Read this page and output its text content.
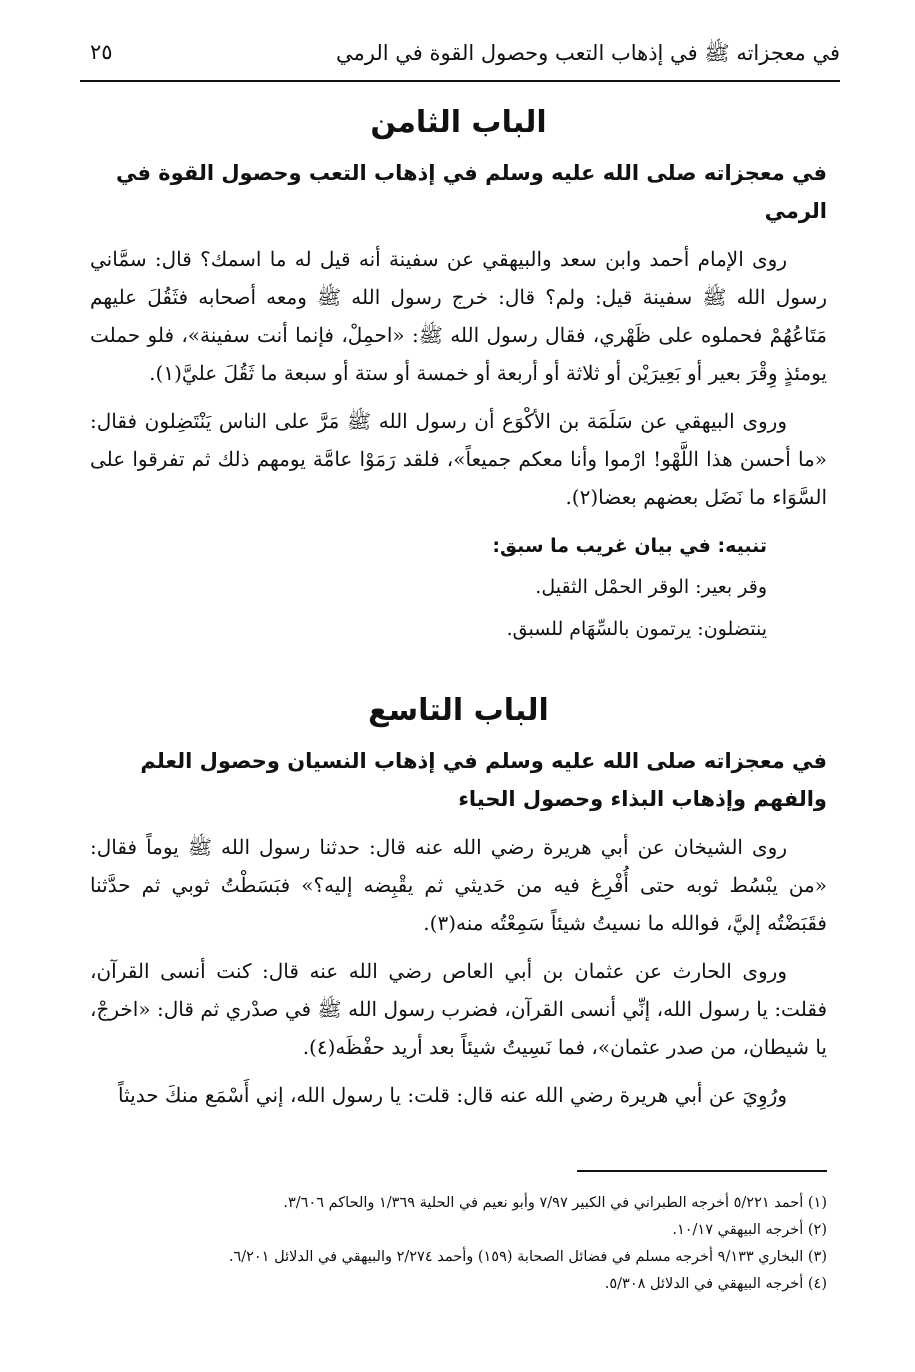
في معجزاته ﷺ في إذهاب التعب وحصول القوة في الرمي
٢٥
الباب الثامن
في معجزاته صلى الله عليه وسلم في إذهاب التعب وحصول القوة في الرمي

روى الإمام أحمد وابن سعد والبيهقي عن سفينة أنه قيل له ما اسمك؟ قال: سمَّاني رسول الله ﷺ سفينة قيل: ولم؟ قال: خرج رسول الله ﷺ ومعه أصحابه فثَقُلَ عليهم مَتَاعُهُمْ فحملوه على ظَهْري، فقال رسول الله ﷺ: «احمِلْ، فإنما أنت سفينة»، فلو حملت يومئذٍ وِقْرَ بعير أو بَعِيرَيْن أو ثلاثة أو أربعة أو خمسة أو ستة أو سبعة ما ثَقُلَ عليَّ(١).

وروى البيهقي عن سَلَمَة بن الأكْوَع أن رسول الله ﷺ مَرَّ على الناس يَنْتَضِلون فقال: «ما أحسن هذا اللَّهْو! ارْموا وأنا معكم جميعاً»، فلقد رَمَوْا عامَّة يومهم ذلك ثم تفرقوا على السَّوَاء ما نَضَل بعضهم بعضا(٢).

تنبيه: في بيان غريب ما سبق:

وقر بعير: الوقر الحمْل الثقيل.

ينتضلون: يرتمون بالسِّهَام للسبق.

الباب التاسع
في معجزاته صلى الله عليه وسلم في إذهاب النسيان وحصول العلم والفهم وإذهاب البذاء وحصول الحياء

روى الشيخان عن أبي هريرة رضي الله عنه قال: حدثنا رسول الله ﷺ يوماً فقال: «من يبْسُط ثوبه حتى أُفْرِغ فيه من حَديثي ثم يقْبِضه إليه؟» فبَسَطْتُ ثوبي ثم حدَّثنا فقَبَضْتُه إليَّ، فوالله ما نسيتُ شيئاً سَمِعْتُه منه(٣).

وروى الحارث عن عثمان بن أبي العاص رضي الله عنه قال: كنت أنسى القرآن، فقلت: يا رسول الله، إنِّي أنسى القرآن، فضرب رسول الله ﷺ في صدْري ثم قال: «اخرجْ، يا شيطان، من صدر عثمان»، فما نَسِيتُ شيئاً بعد أريد حفْظَه(٤).

ورُوِيَ عن أبي هريرة رضي الله عنه قال: قلت: يا رسول الله، إني أَسْمَع منكَ حديثاً

(١) أحمد ٥/٢٢١ أخرجه الطبراني في الكبير ٧/٩٧ وأبو نعيم في الحلية ١/٣٦٩ والحاكم ٣/٦٠٦.

(٢) أخرجه البيهقي ١٠/١٧.

(٣) البخاري ٩/١٣٣ أخرجه مسلم في فضائل الصحابة (١٥٩) وأحمد ٢/٢٧٤ والبيهقي في الدلائل ٦/٢٠١.

(٤) أخرجه البيهقي في الدلائل ٥/٣٠٨.
